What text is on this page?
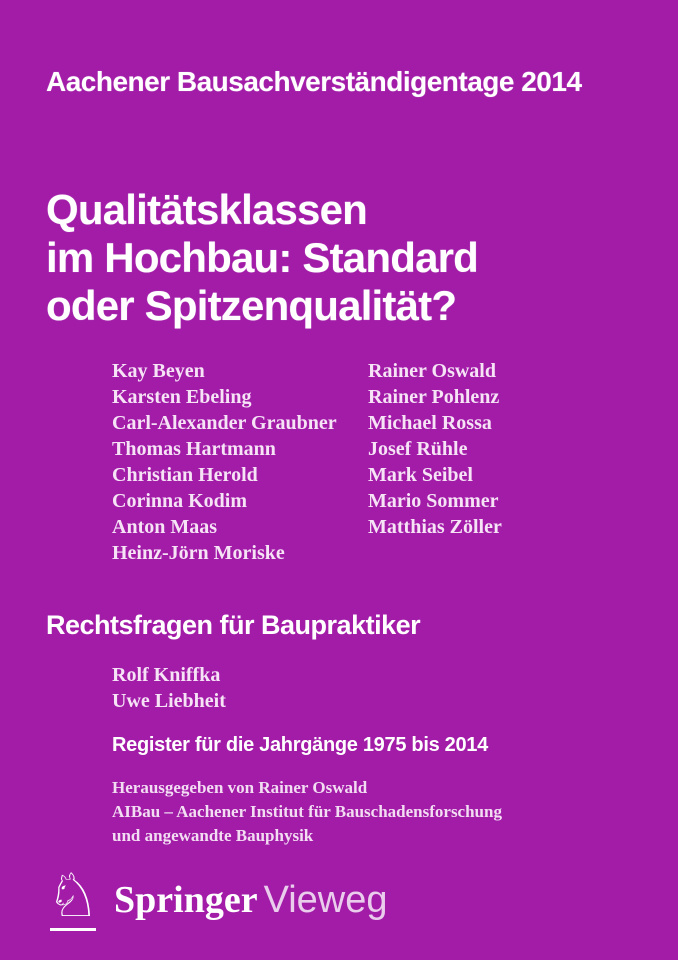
Aachener Bausachverständigentage 2014
Qualitätsklassen
im Hochbau: Standard
oder Spitzenqualität?
Kay Beyen
Karsten Ebeling
Carl-Alexander Graubner
Thomas Hartmann
Christian Herold
Corinna Kodim
Anton Maas
Heinz-Jörn Moriske
Rainer Oswald
Rainer Pohlenz
Michael Rossa
Josef Rühle
Mark Seibel
Mario Sommer
Matthias Zöller
Rechtsfragen für Baupraktiker
Rolf Kniffka
Uwe Liebheit
Register für die Jahrgänge 1975 bis 2014
Herausgegeben von Rainer Oswald
AIBau – Aachener Institut für Bauschadensforschung
und angewandte Bauphysik
♘ Springer Vieweg
